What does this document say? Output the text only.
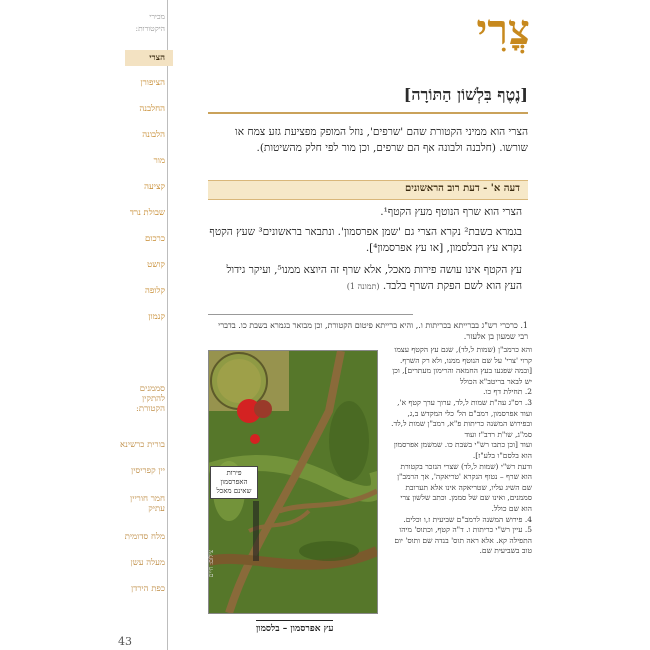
מכירי
היקטורות:
הצרי
הציפורן
החלבנה
הלבונה
מור
קציעה
שבולת נרד
כרכום
קושט
קלופה
קנמון
סממנים להתקין הקטורת:
בורית כרשינא
יין קפריסין
חמר חוריין עתיק
מלח סדומית
מעלה עשן
כפת הירדן
43
צֳרִי
[נֶטֶף בִּלְשׁוֹן הַתּוֹרָה]
הצרי הוא ממיני הקטורת שהם 'שרפים', נוזל המופק מפציעת גזע צמח או שורשו. (חלבנה ולבונה אף הם שרפים, וכן מור לפי חלק מהשיטות).
דעה א' - דעת רוב הראשונים
הצרי הוא שרף הנוטף מעץ הקטף¹.
בגמרא בשבת² נקרא הצרי גם 'שמן אפרסמון'. ונתבאר בראשונים³ שעץ הקטף נקרא עץ הבלסמון, [או עץ אפרסמון⁴].
עץ הקטף אינו עושה פירות מאכל, אלא שרף זה היוצא ממנו⁵, ועיקר גידול העץ הוא לשם הפקת השרף בלבד. (תמונה 1)
1. כרכרי רש"ג בברייתא בכריתות ו., והיא ברייתא פיטום הקטורת, וכן מבואר בגמרא בשבת כו. בדברי רבי שמעון בן אלעזר.

והא כרמב"ן (שמות ל,לד), שגם עץ הקטף עצמו קרוי 'צרי' על שם הנוטף ממנו, ולא רק השרף. [ובמה שפגעו בעץ החמאה והרימון מעתרים], וכן יש לבאר בריטב"א הכולל

2. תחילת דף כו.

3. רס"ג עה"ת שמות ל,לד, ערוך ערך קטף א', ועוד אפרסמון, רמב"ם הל' כלי המקדש ב,ג, ובפירוש המשנה כריתות פ"א, רמב"ן שמות ל,לד. סמ"ג, שו"ת רדב"ז ועוד

ועוד [וכן כתבו רש"י בשבת כו. שמשמן אפרסמון הוא בלסם"ו בלע"ז].

ודעת רש"י (שמות ל,לד) שצרי הנזכר בקטורת הוא שרף – נטוף הנקרא 'טריאקה', אך הרמב"ן שם השיג עליו, שטריאקה אינו אלא תערובת סממנים, ואינו שם של סממן. וכתב שלשון צרי הוא שם כולל.

4. פירוש המשנה לרמב"ם שביעית ז,ו וכלים.

5. עיין רש"י כריתות ו. ד"ה קטף, וכתוס' מיהו התפילה קא. אלא ראה תוס' בנדה שם ותוס' יום טוב בשביעית שם.

פירות האפרסמון שאינם מאכל
צילום: חיים
עץ אפרסמון – בלסמון
